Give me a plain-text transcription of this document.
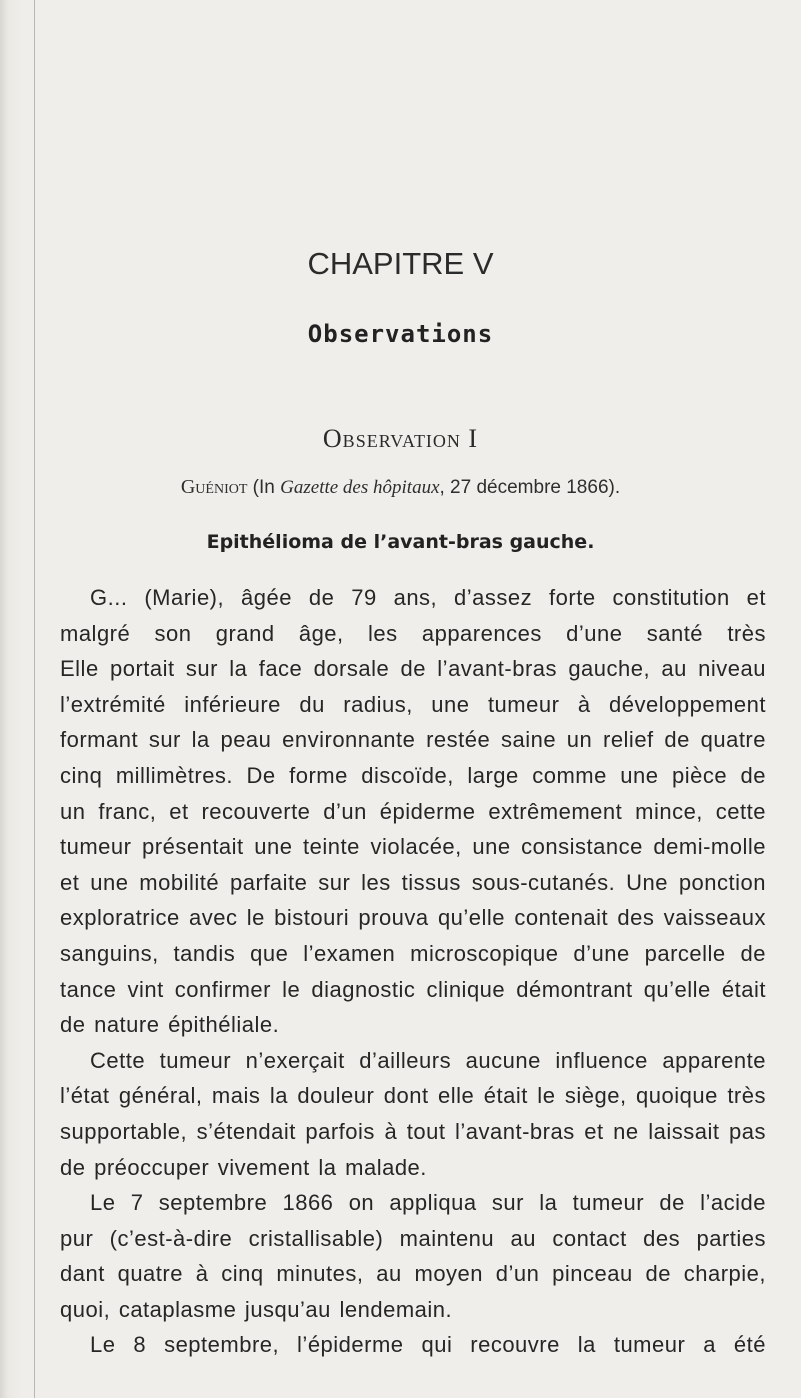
CHAPITRE V
Observations
Observation I
Guéniot (In Gazette des hôpitaux, 27 décembre 1866).
Epithélioma de l’avant-bras gauche.
G... (Marie), âgée de 79 ans, d’assez forte constitution et
malgré son grand âge, les apparences d’une santé très
Elle portait sur la face dorsale de l’avant-bras gauche, au niveau
l’extrémité inférieure du radius, une tumeur à développement
formant sur la peau environnante restée saine un relief de quatre
cinq millimètres. De forme discoïde, large comme une pièce de
un franc, et recouverte d’un épiderme extrêmement mince, cette
tumeur présentait une teinte violacée, une consistance demi-molle
et une mobilité parfaite sur les tissus sous-cutanés. Une ponction
exploratrice avec le bistouri prouva qu’elle contenait des vaisseaux
sanguins, tandis que l’examen microscopique d’une parcelle de
tance vint confirmer le diagnostic clinique démontrant qu’elle était
de nature épithéliale.
Cette tumeur n’exerçait d’ailleurs aucune influence apparente
l’état général, mais la douleur dont elle était le siège, quoique très
supportable, s’étendait parfois à tout l’avant-bras et ne laissait pas
de préoccuper vivement la malade.
Le 7 septembre 1866 on appliqua sur la tumeur de l’acide
pur (c’est-à-dire cristallisable) maintenu au contact des parties
dant quatre à cinq minutes, au moyen d’un pinceau de charpie,
quoi, cataplasme jusqu’au lendemain.
Le 8 septembre, l’épiderme qui recouvre la tumeur a été
